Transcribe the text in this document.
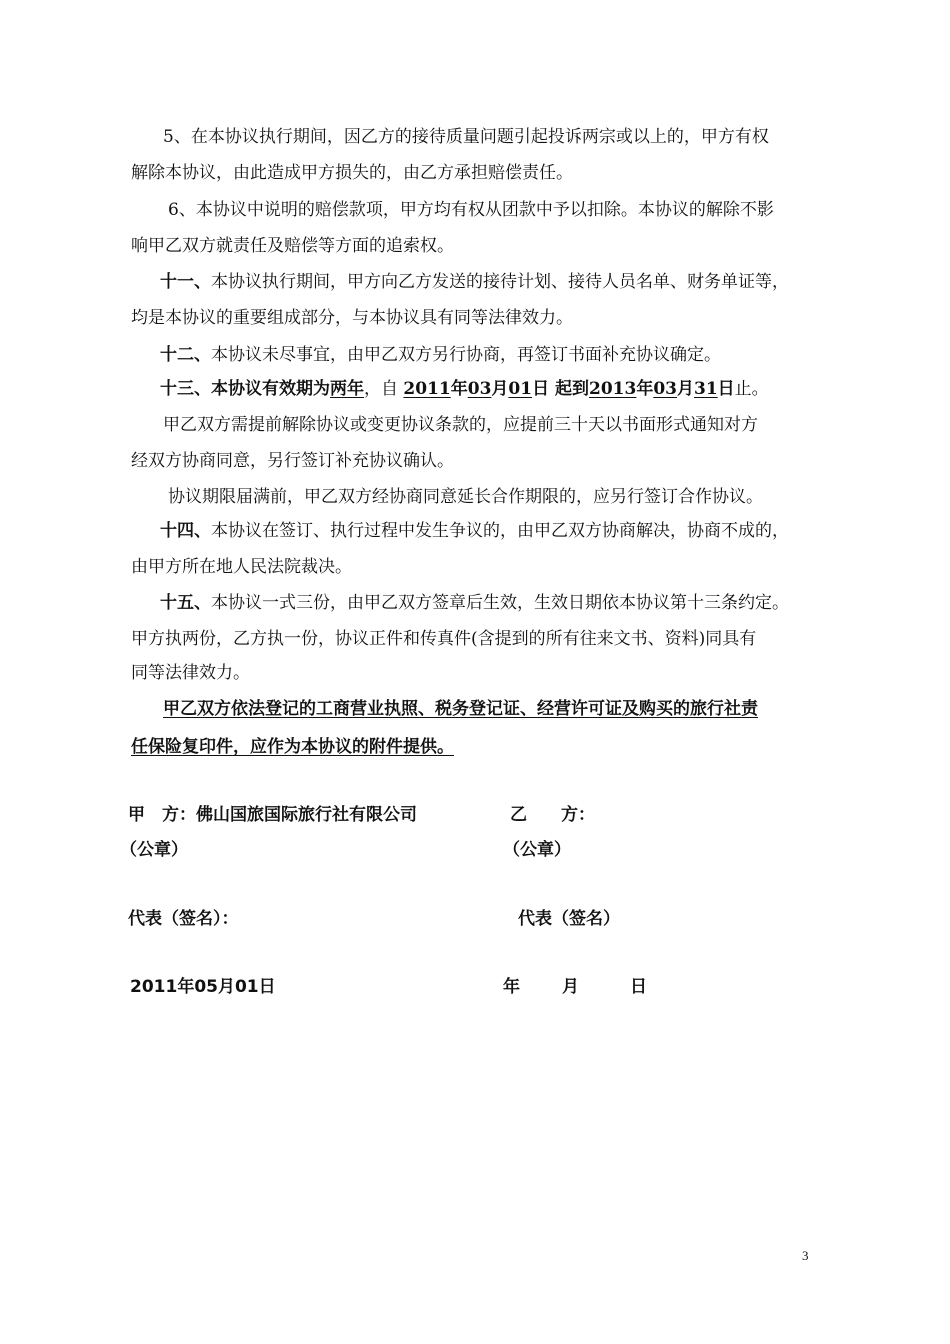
5、在本协议执行期间，因乙方的接待质量问题引起投诉两宗或以上的，甲方有权
解除本协议，由此造成甲方损失的，由乙方承担赔偿责任。
6、本协议中说明的赔偿款项，甲方均有权从团款中予以扣除。本协议的解除不影
响甲乙双方就责任及赔偿等方面的追索权。
十一、本协议执行期间，甲方向乙方发送的接待计划、接待人员名单、财务单证等，
均是本协议的重要组成部分，与本协议具有同等法律效力。
十二、本协议未尽事宜，由甲乙双方另行协商，再签订书面补充协议确定。
十三、本协议有效期为两年，自 2011年03月01日 起到2013年03月31日止。
甲乙双方需提前解除协议或变更协议条款的，应提前三十天以书面形式通知对方
经双方协商同意，另行签订补充协议确认。
协议期限届满前，甲乙双方经协商同意延长合作期限的，应另行签订合作协议。
十四、本协议在签订、执行过程中发生争议的，由甲乙双方协商解决，协商不成的，
由甲方所在地人民法院裁决。
十五、本协议一式三份，由甲乙双方签章后生效，生效日期依本协议第十三条约定。
甲方执两份，乙方执一份，协议正件和传真件(含提到的所有往来文书、资料)同具有
同等法律效力。
甲乙双方依法登记的工商营业执照、税务登记证、经营许可证及购买的旅行社责
任保险复印件，应作为本协议的附件提供。
甲　方：佛山国旅国际旅行社有限公司
（公章）
代表（签名）：
2011年05月01日
乙　　方：
（公章）
代表（签名）
年 月	日
3
